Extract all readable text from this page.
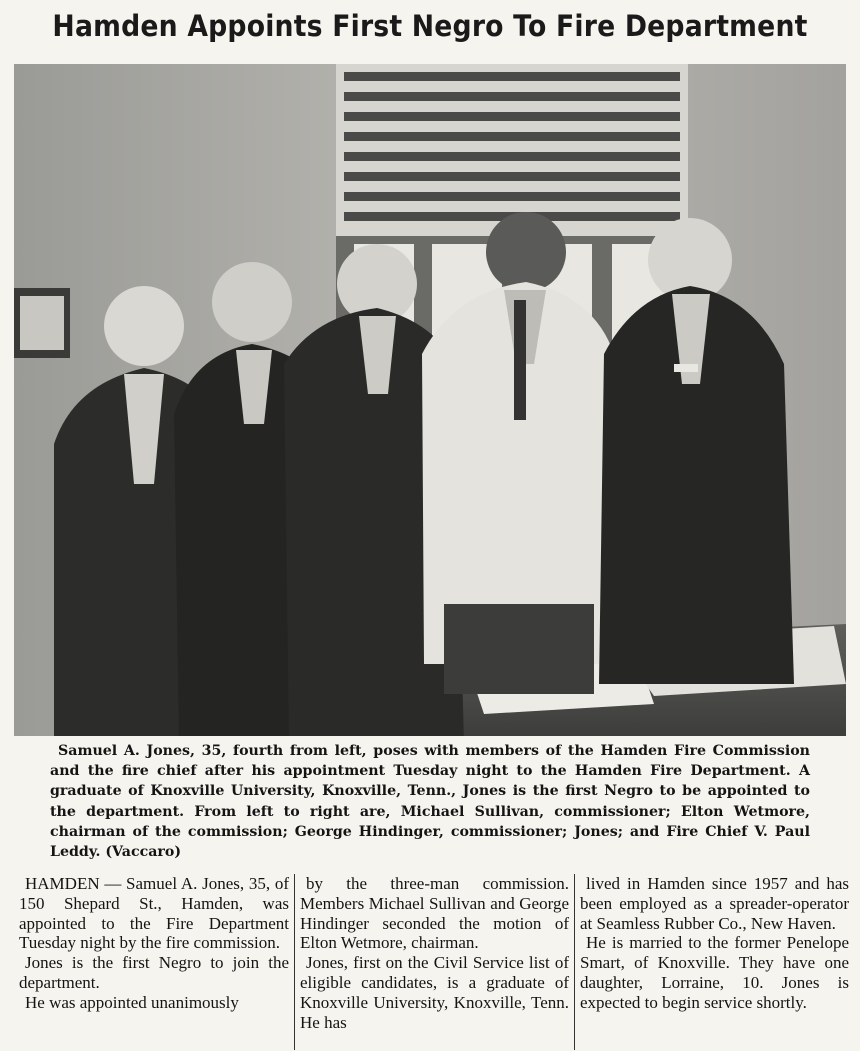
Hamden Appoints First Negro To Fire Department
Samuel A. Jones, 35, fourth from left, poses with members of the Hamden Fire Commission and the fire chief after his appointment Tuesday night to the Hamden Fire Department. A graduate of Knoxville University, Knoxville, Tenn., Jones is the first Negro to be appointed to the department. From left to right are, Michael Sullivan, commissioner; Elton Wetmore, chairman of the commission; George Hindinger, commissioner; Jones; and Fire Chief V. Paul Leddy. (Vaccaro)

HAMDEN — Samuel A. Jones, 35, of 150 Shepard St., Hamden, was appointed to the Fire Department Tuesday night by the fire commission.

Jones is the first Negro to join the department.

He was appointed unanimously

by the three-man commission. Members Michael Sullivan and George Hindinger seconded the motion of Elton Wetmore, chairman.

Jones, first on the Civil Service list of eligible candidates, is a graduate of Knoxville University, Knoxville, Tenn. He has

lived in Hamden since 1957 and has been employed as a spreader-operator at Seamless Rubber Co., New Haven.

He is married to the former Penelope Smart, of Knoxville. They have one daughter, Lorraine, 10. Jones is expected to begin service shortly.
